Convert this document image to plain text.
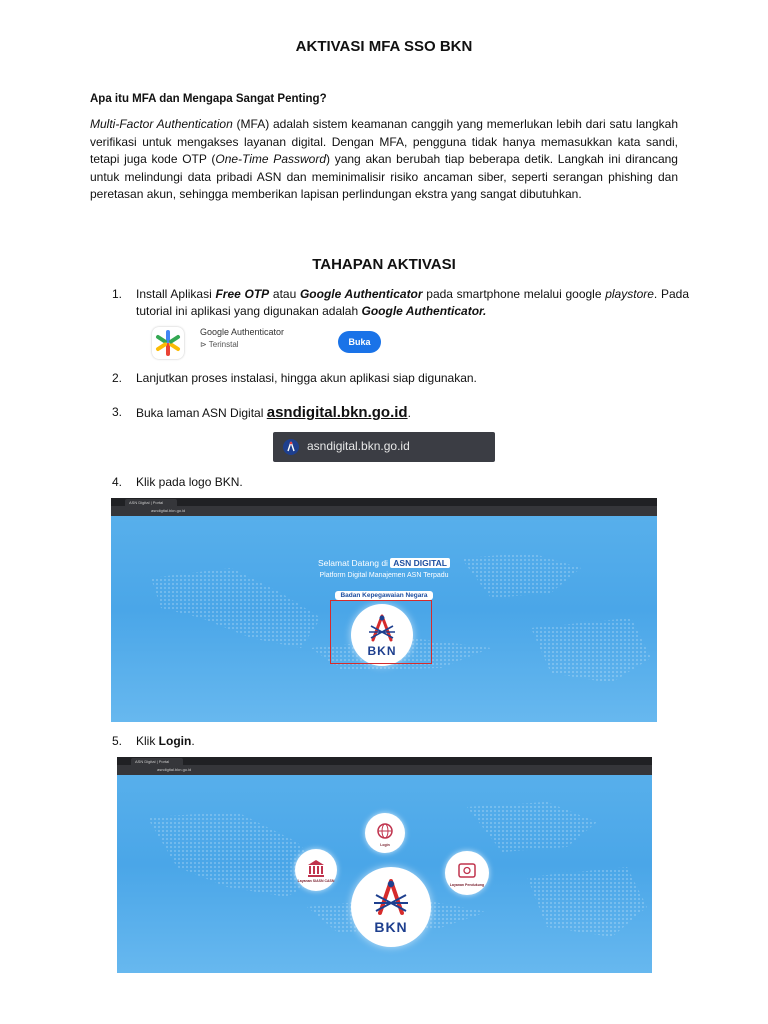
AKTIVASI MFA SSO BKN
Apa itu MFA dan Mengapa Sangat Penting?

Multi-Factor Authentication (MFA) adalah sistem keamanan canggih yang memerlukan lebih dari satu langkah verifikasi untuk mengakses layanan digital. Dengan MFA, pengguna tidak hanya memasukkan kata sandi, tetapi juga kode OTP (One-Time Password) yang akan berubah tiap beberapa detik. Langkah ini dirancang untuk melindungi data pribadi ASN dan meminimalisir risiko ancaman siber, seperti serangan phishing dan peretasan akun, sehingga memberikan lapisan perlindungan ekstra yang sangat dibutuhkan.

TAHAPAN AKTIVASI
1.	Install Aplikasi Free OTP atau Google Authenticator pada smartphone melalui google playstore. Pada tutorial ini aplikasi yang digunakan adalah Google Authenticator.

Google Authenticator
⊳ Terinstal	Buka
2.	Lanjutkan proses instalasi, hingga akun aplikasi siap digunakan.

3.	Buka laman ASN Digital asndigital.bkn.go.id.

asndigital.bkn.go.id
4.	Klik pada logo BKN.

ASN Digital | Portal
asndigital.bkn.go.id
Selamat Datang di ASN DIGITAL
Platform Digital Manajemen ASN Terpadu
Badan Kepegawaian Negara
BKN
5.	Klik Login.

ASN Digital | Portal
asndigital.bkn.go.id
Login
Layanan SIASN CASN
Layanan Pendukung
BKN
